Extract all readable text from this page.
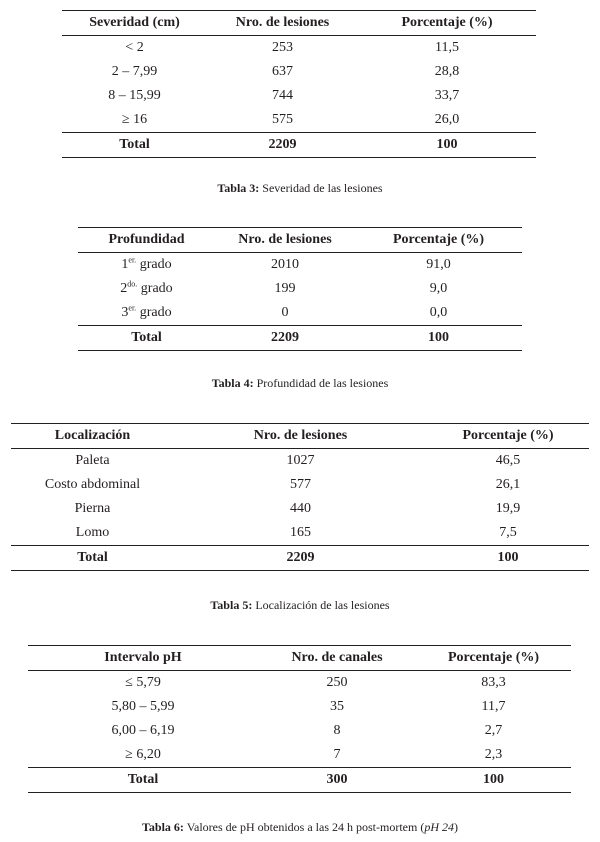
Severidad (cm)	Nro. de lesiones	Porcentaje (%)
< 2	253	11,5
2 – 7,99	637	28,8
8 – 15,99	744	33,7
≥ 16	575	26,0
Total	2209	100
Tabla 3: Severidad de las lesiones
Profundidad	Nro. de lesiones	Porcentaje (%)
$1^{er.}$ grado	2010	91,0
$2^{do.}$ grado	199	9,0
$3^{er.}$ grado	0	0,0
Total	2209	100
Tabla 4: Profundidad de las lesiones
Localización	Nro. de lesiones	Porcentaje (%)
Paleta	1027	46,5
Costo abdominal	577	26,1
Pierna	440	19,9
Lomo	165	7,5
Total	2209	100
Tabla 5: Localización de las lesiones
Intervalo pH	Nro. de canales	Porcentaje (%)
≤ 5,79	250	83,3
5,80 – 5,99	35	11,7
6,00 – 6,19	8	2,7
≥ 6,20	7	2,3
Total	300	100
Tabla 6: Valores de pH obtenidos a las 24 h post-mortem (pH 24)
